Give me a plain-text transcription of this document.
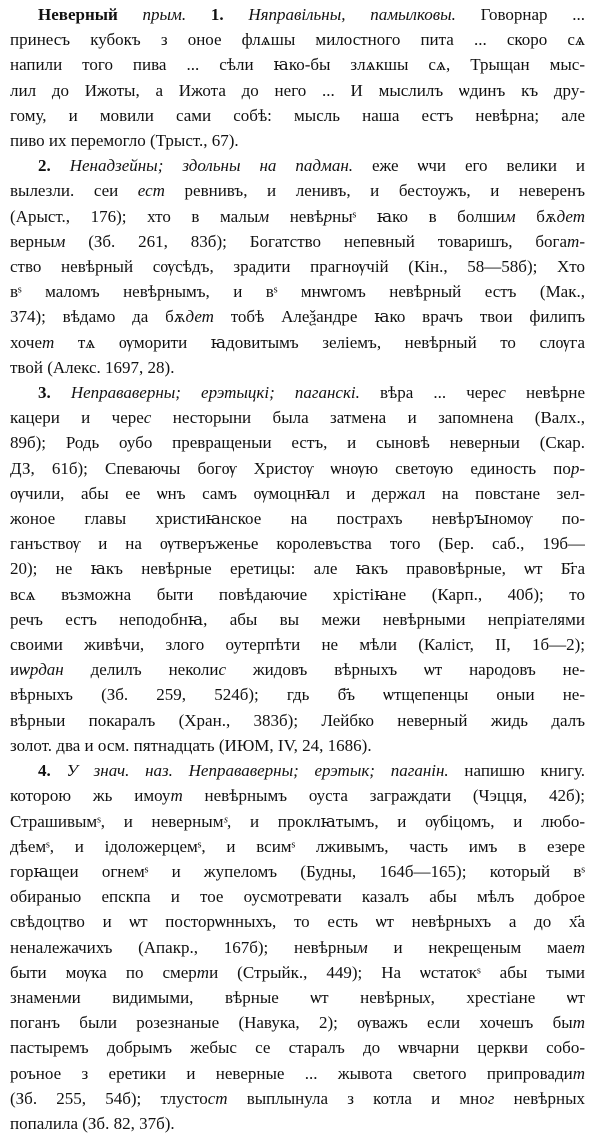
Неверный прым. 1. Няправільны, памылковы. Говорнар ...
принесъ кубокъ з оное флѧшы милостного пита ... скоро сѧ
напили того пива ... сѣли ꙗко-бы злѧкшы сѧ, Трыщан мыс-
лил до Ижоты, а Ижота до него ... И мыслилъ ѡдинъ къ дру-
гому, и мовили сами собѣ: мысль наша естъ невѣрна; але
пиво их перемогло (Трыст., 67).
2. Ненадзейны; здольны на падман. еже ѡчи его велики и
вылезли. сеи ест ревнивъ, и ленивъ, и бестоужъ, и неверенъ
(Арыст., 176); хто в малым невѣрныˢ ꙗко в болшим бѫдет
верным (Зб. 261, 83б); Богатство непевный товаришъ, богат-
ство невѣрный сѹсѣдъ, зрадити прагнѹчій (Кін., 58—58б); Хто
вˢ маломъ невѣрнымъ, и вˢ мнѡгомъ невѣрный естъ (Мак.,
374); вѣдамо да бѫдет тобѣ Алеѯандре ꙗко врачъ твои филипъ
хочет тѧ ѹморити ꙗдовитымъ зеліемъ, невѣрный то слѹга
твой (Алекс. 1697, 28).
3. Неправаверны; ерэтыцкі; паганскі. вѣра ... черес невѣрне
кацери и черес несторыни была затмена и запомнена (Валх.,
89б); Родь оубо превращеныи естъ, и сыновѣ неверныи (Скар.
ДЗ, 61б); Спеваючы богѹ Христѹ ѡнѹю светѹю единость пор-
ѹчили, абы ее ѡнъ самъ ѹмоцнꙗл и держал на повстане зел-
жоное главы христиꙗнское на пострахъ невѣрꙑномѹ по-
ганъствѹ и на ѹтверъженье королевъства того (Бер. саб., 19б—
20); не ꙗкъ невѣрные еретицы: але ꙗкъ правовѣрные, ѡт Б҃га
всѧ възможна быти повѣдаючие хрістіꙗне (Карп., 40б); то
речъ естъ неподобнꙗ, абы вы межи невѣрными непріателями
своими живѣчи, злого оутерпѣти не мѣли (Каліст, II, 1б—2);
иѡрдан делилъ неколис жидовъ вѣрныхъ ѡт народовъ не-
вѣрныхъ (Зб. 259, 524б); гдь б҃ъ ѡтщепенцы оныи не-
вѣрныи покаралъ (Хран., 383б); Лейбко неверный жидь далъ
золот. два и осм. пятнадцать (ИЮМ, IV, 24, 1686).
4. У знач. наз. Неправаверны; ерэтык; паганін. напишю книгу.
которою жь имоут невѣрнымъ оуста заграждати (Чэцця, 42б);
Страшивымˢ, и невернымˢ, и проклꙗтымъ, и ѹбіцомъ, и любо-
дѣемˢ, и ідоложерцемˢ, и всимˢ лживымъ, часть имъ в езере
горꙗщеи огнемˢ и жупеломъ (Будны, 164б—165); который вˢ
обираныо епскпа и тое оусмотревати казалъ абы мѣлъ доброе
свѣдоцтво и ѡт посторѡнныхъ, то есть ѡт невѣрныхъ а до х҃а
неналежачихъ (Апакр., 167б); невѣрным и некрещеным мает
быти мѹка по смерти (Стрыйк., 449); На ѡстатокˢ абы тыми
знаменми видимыми, вѣрные ѡт невѣрных, хрестіане ѡт
поганъ были розезнаные (Навука, 2); ѹважъ если хочешъ быт
пастыремъ добрымъ жебыс се старалъ до ѡвчарни церкви собо-
роъное з еретики и неверные ... жывота светого припровадит
(Зб. 255, 54б); тлустост выплынула з котла и мног невѣрных
попалила (Зб. 82, 37б).
